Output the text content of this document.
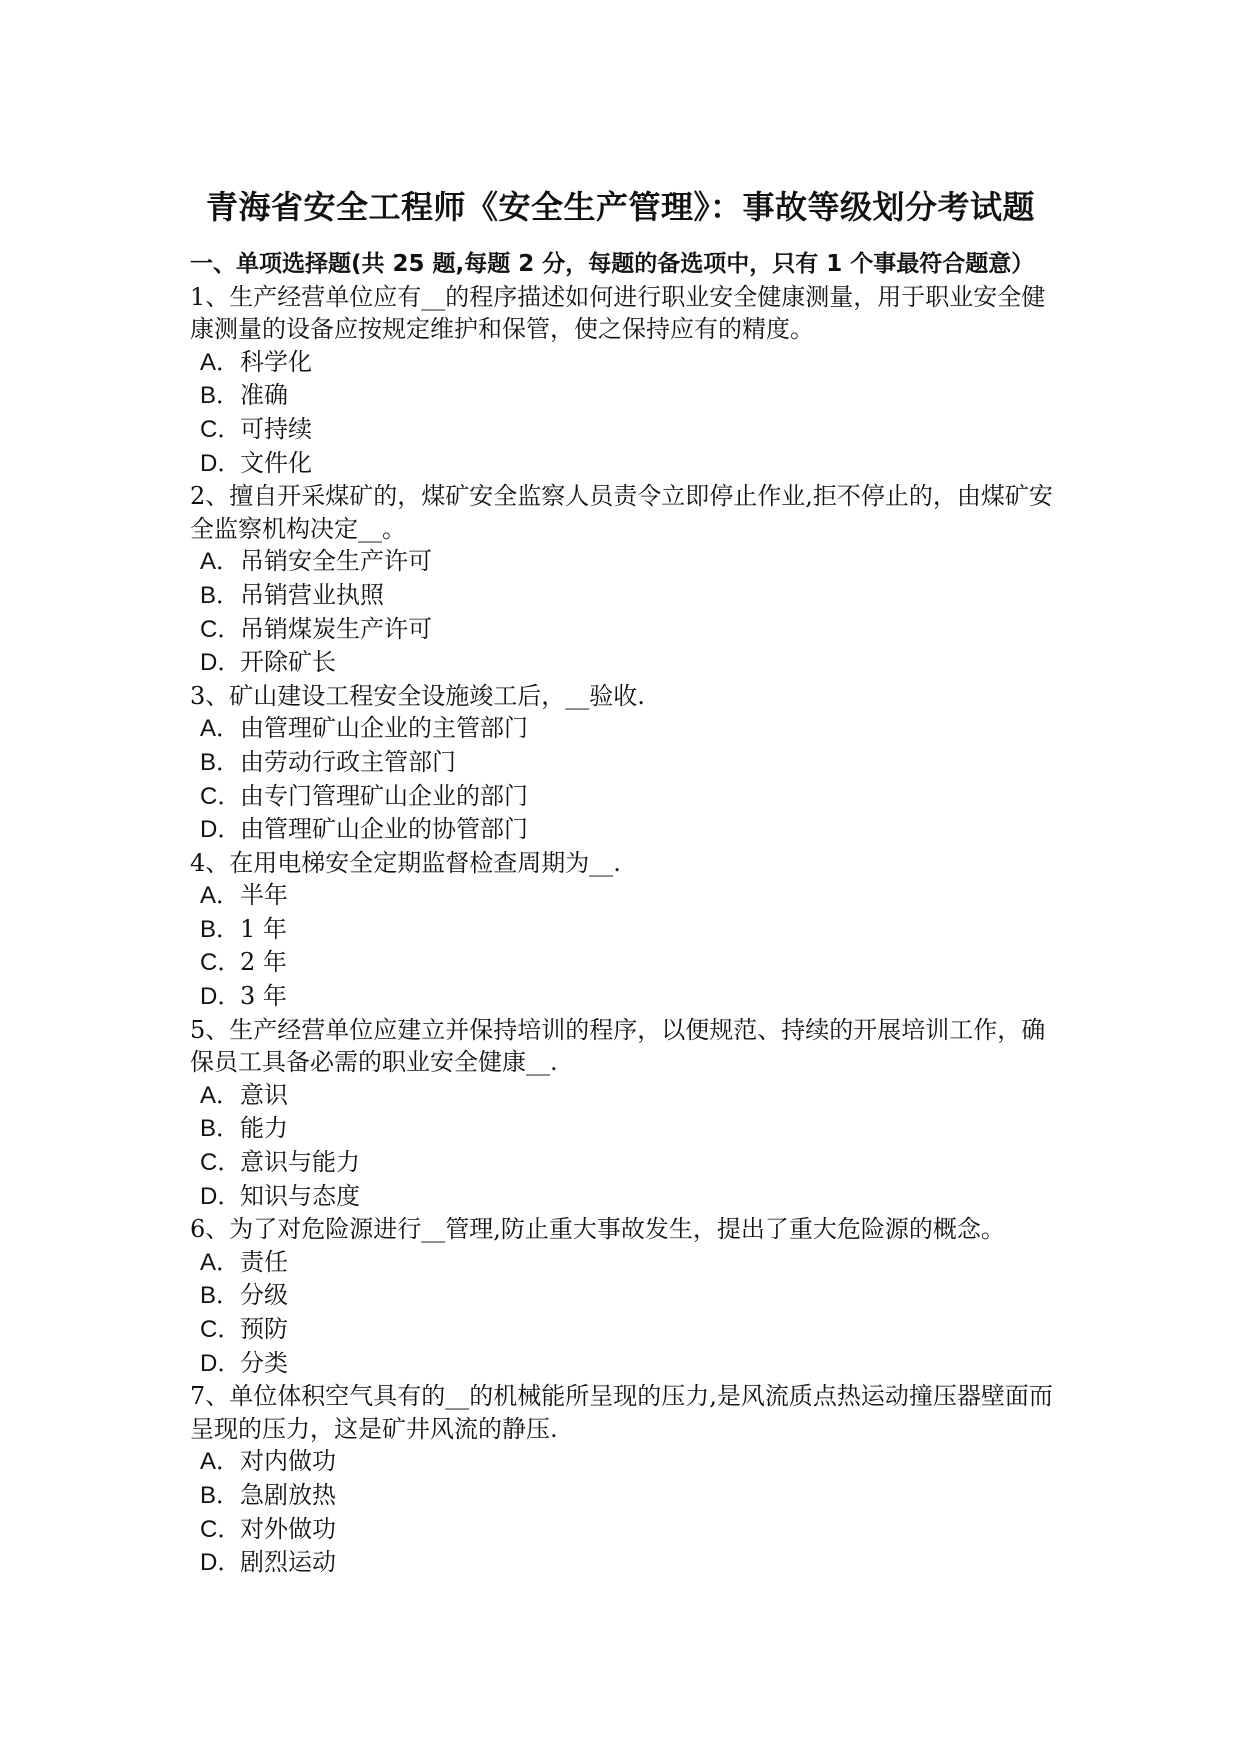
青海省安全工程师《安全生产管理》：事故等级划分考试题
一、单项选择题(共 25 题,每题 2 分，每题的备选项中，只有 1 个事最符合题意）

1、生产经营单位应有__的程序描述如何进行职业安全健康测量，用于职业安全健康测量的设备应按规定维护和保管，使之保持应有的精度。

A．科学化
B．准确
C．可持续
D．文件化

2、擅自开采煤矿的，煤矿安全监察人员责令立即停止作业,拒不停止的，由煤矿安全监察机构决定__。

A．吊销安全生产许可
B．吊销营业执照
C．吊销煤炭生产许可
D．开除矿长

3、矿山建设工程安全设施竣工后，__验收.

A．由管理矿山企业的主管部门
B．由劳动行政主管部门
C．由专门管理矿山企业的部门
D．由管理矿山企业的协管部门

4、在用电梯安全定期监督检查周期为__.

A．半年
B．1 年
C．2 年
D．3 年

5、生产经营单位应建立并保持培训的程序，以便规范、持续的开展培训工作，确保员工具备必需的职业安全健康__.

A．意识
B．能力
C．意识与能力
D．知识与态度

6、为了对危险源进行__管理,防止重大事故发生，提出了重大危险源的概念。

A．责任
B．分级
C．预防
D．分类

7、单位体积空气具有的__的机械能所呈现的压力,是风流质点热运动撞压器壁面而呈现的压力，这是矿井风流的静压.

A．对内做功
B．急剧放热
C．对外做功
D．剧烈运动
